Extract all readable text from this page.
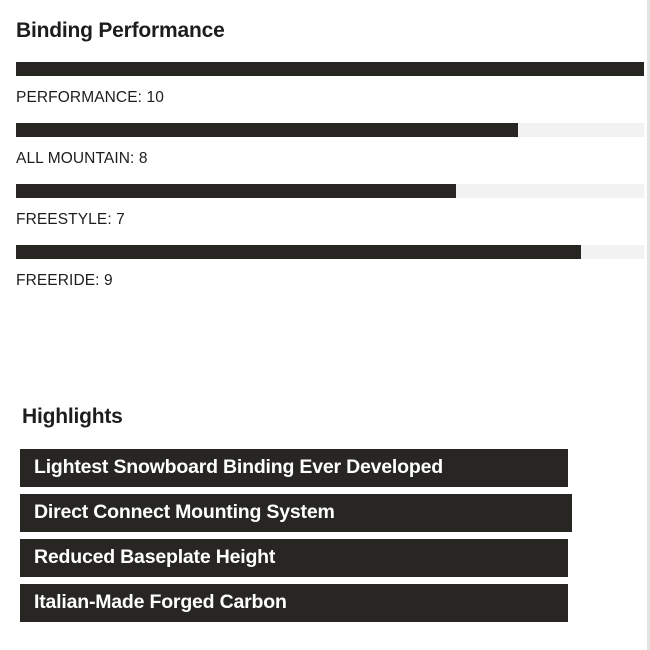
Binding Performance
PERFORMANCE: 10
ALL MOUNTAIN: 8
FREESTYLE: 7
FREERIDE: 9
Highlights
Lightest Snowboard Binding Ever Developed
Direct Connect Mounting System
Reduced Baseplate Height
Italian-Made Forged Carbon
